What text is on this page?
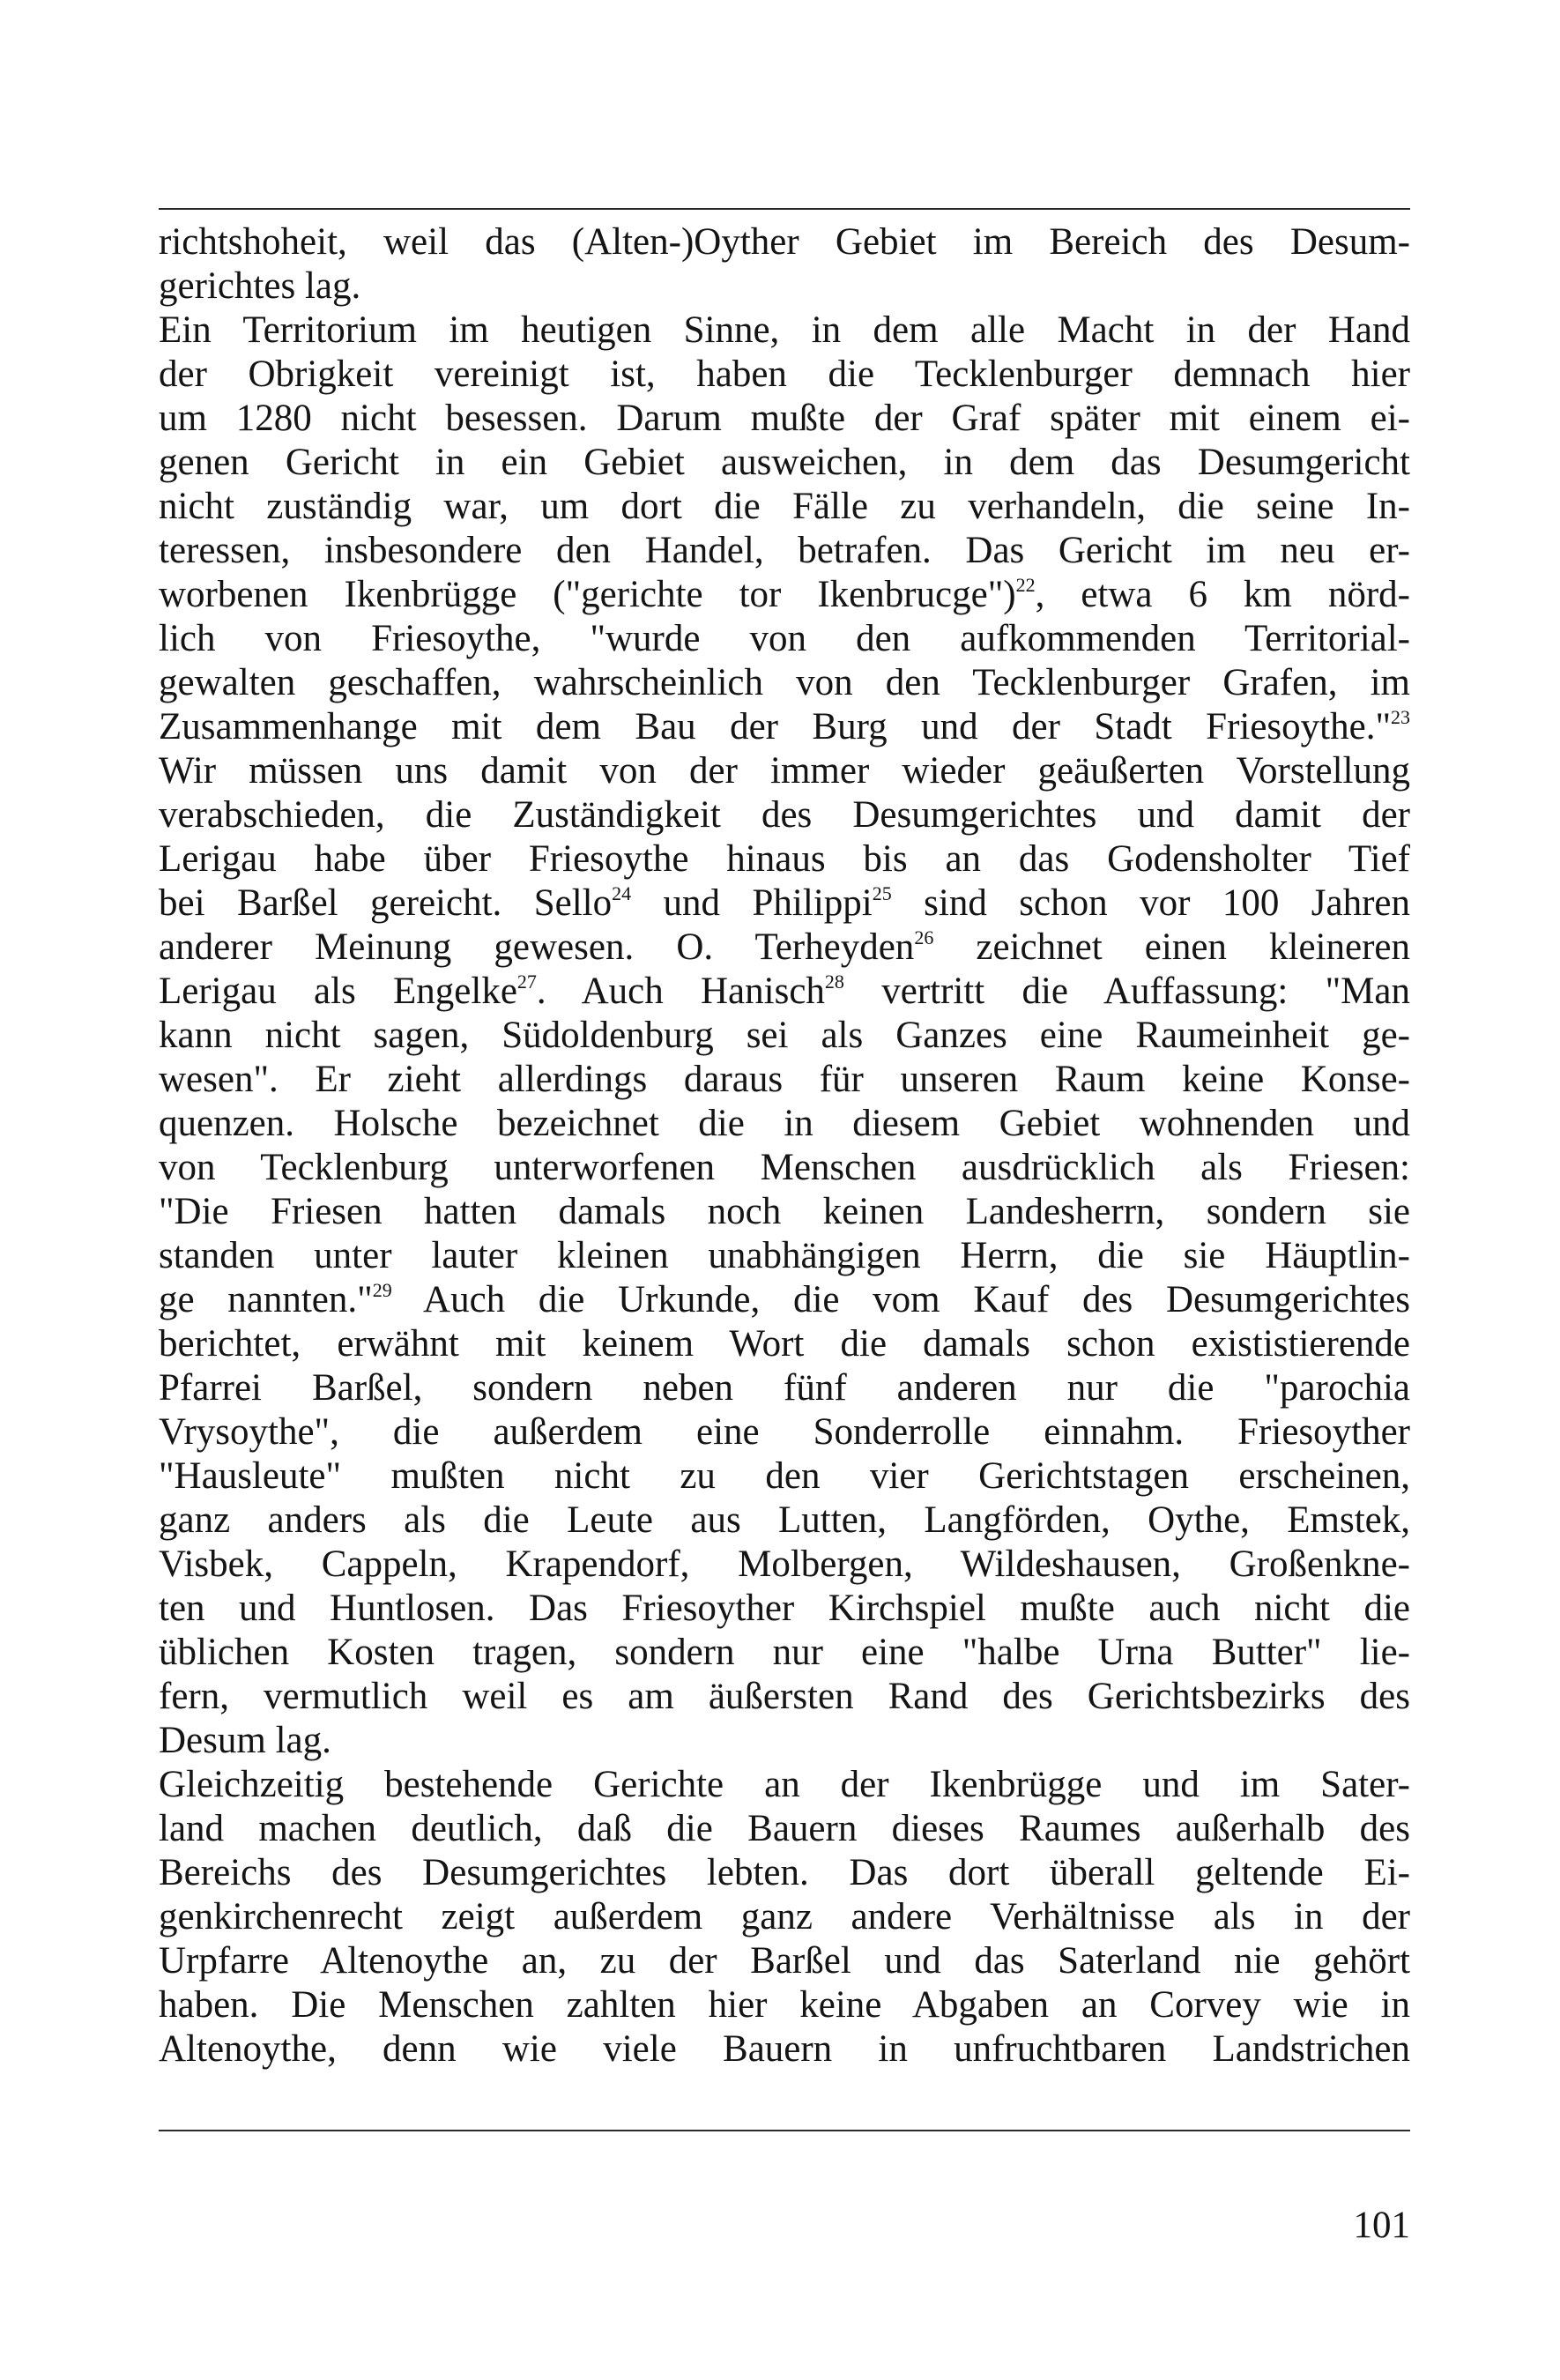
richtshoheit, weil das (Alten-)Oyther Gebiet im Bereich des Desum-
gerichtes lag.
Ein Territorium im heutigen Sinne, in dem alle Macht in der Hand
der Obrigkeit vereinigt ist, haben die Tecklenburger demnach hier
um 1280 nicht besessen. Darum mußte der Graf später mit einem ei-
genen Gericht in ein Gebiet ausweichen, in dem das Desumgericht
nicht zuständig war, um dort die Fälle zu verhandeln, die seine In-
teressen, insbesondere den Handel, betrafen. Das Gericht im neu er-
worbenen Ikenbrügge ("gerichte tor Ikenbrucge")$^{22}$, etwa 6 km nörd-
lich von Friesoythe, "wurde von den aufkommenden Territorial-
gewalten geschaffen, wahrscheinlich von den Tecklenburger Grafen, im
Zusammenhange mit dem Bau der Burg und der Stadt Friesoythe."$^{23}$
Wir müssen uns damit von der immer wieder geäußerten Vorstellung
verabschieden, die Zuständigkeit des Desumgerichtes und damit der
Lerigau habe über Friesoythe hinaus bis an das Godensholter Tief
bei Barßel gereicht. Sello$^{24}$ und Philippi$^{25}$ sind schon vor 100 Jahren
anderer Meinung gewesen. O. Terheyden$^{26}$ zeichnet einen kleineren
Lerigau als Engelke$^{27}$. Auch Hanisch$^{28}$ vertritt die Auffassung: "Man
kann nicht sagen, Südoldenburg sei als Ganzes eine Raumeinheit ge-
wesen". Er zieht allerdings daraus für unseren Raum keine Konse-
quenzen. Holsche bezeichnet die in diesem Gebiet wohnenden und
von Tecklenburg unterworfenen Menschen ausdrücklich als Friesen:
"Die Friesen hatten damals noch keinen Landesherrn, sondern sie
standen unter lauter kleinen unabhängigen Herrn, die sie Häuptlin-
ge nannten."$^{29}$ Auch die Urkunde, die vom Kauf des Desumgerichtes
berichtet, erwähnt mit keinem Wort die damals schon exististierende
Pfarrei Barßel, sondern neben fünf anderen nur die "parochia
Vrysoythe", die außerdem eine Sonderrolle einnahm. Friesoyther
"Hausleute" mußten nicht zu den vier Gerichtstagen erscheinen,
ganz anders als die Leute aus Lutten, Langförden, Oythe, Emstek,
Visbek, Cappeln, Krapendorf, Molbergen, Wildeshausen, Großenkne-
ten und Huntlosen. Das Friesoyther Kirchspiel mußte auch nicht die
üblichen Kosten tragen, sondern nur eine "halbe Urna Butter" lie-
fern, vermutlich weil es am äußersten Rand des Gerichtsbezirks des
Desum lag.
Gleichzeitig bestehende Gerichte an der Ikenbrügge und im Sater-
land machen deutlich, daß die Bauern dieses Raumes außerhalb des
Bereichs des Desumgerichtes lebten. Das dort überall geltende Ei-
genkirchenrecht zeigt außerdem ganz andere Verhältnisse als in der
Urpfarre Altenoythe an, zu der Barßel und das Saterland nie gehört
haben. Die Menschen zahlten hier keine Abgaben an Corvey wie in
Altenoythe, denn wie viele Bauern in unfruchtbaren Landstrichen
101
